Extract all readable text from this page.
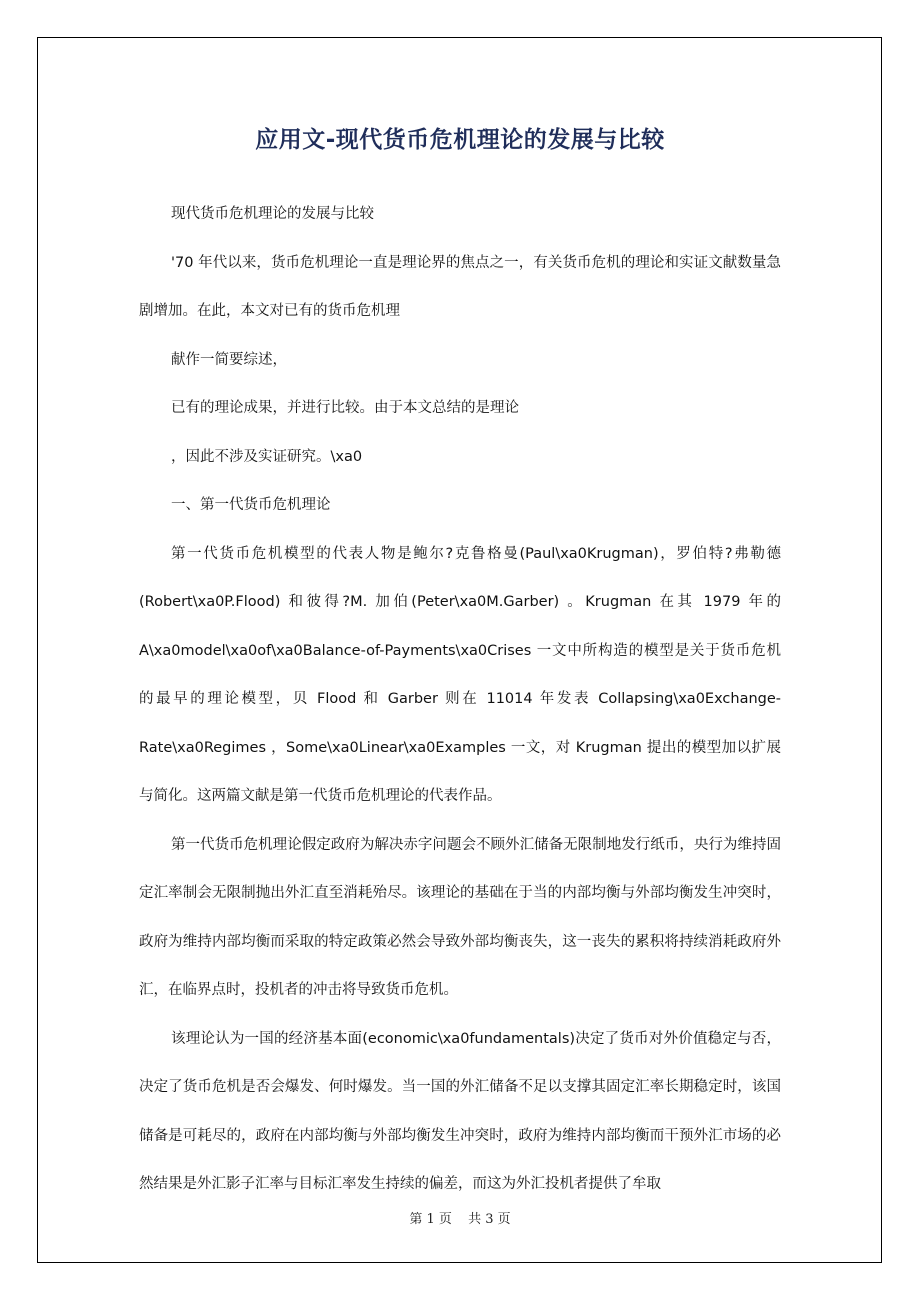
应用文-现代货币危机理论的发展与比较

现代货币危机理论的发展与比较

'70 年代以来，货币危机理论一直是理论界的焦点之一，有关货币危机的理论和实证文献数量急剧增加。在此，本文对已有的货币危机理

献作一简要综述，

已有的理论成果，并进行比较。由于本文总结的是理论

，因此不涉及实证研究。\xa0

一、第一代货币危机理论

第一代货币危机模型的代表人物是鲍尔?克鲁格曼(Paul\xa0Krugman)，罗伯特?弗勒德(Robert\xa0P.Flood) 和彼得?M. 加伯(Peter\xa0M.Garber) 。Krugman 在其 1979 年的 A\xa0model\xa0of\xa0Balance-of-Payments\xa0Crises 一文中所构造的模型是关于货币危机的最早的理论模型，贝 Flood 和 Garber 则在 11014 年发表 Collapsing\xa0Exchange-Rate\xa0Regimes ，Some\xa0Linear\xa0Examples 一文，对 Krugman 提出的模型加以扩展与简化。这两篇文献是第一代货币危机理论的代表作品。

第一代货币危机理论假定政府为解决赤字问题会不顾外汇储备无限制地发行纸币，央行为维持固定汇率制会无限制抛出外汇直至消耗殆尽。该理论的基础在于当的内部均衡与外部均衡发生冲突时，政府为维持内部均衡而采取的特定政策必然会导致外部均衡丧失，这一丧失的累积将持续消耗政府外汇，在临界点时，投机者的冲击将导致货币危机。

该理论认为一国的经济基本面(economic\xa0fundamentals)决定了货币对外价值稳定与否，决定了货币危机是否会爆发、何时爆发。当一国的外汇储备不足以支撑其固定汇率长期稳定时，该国储备是可耗尽的，政府在内部均衡与外部均衡发生冲突时，政府为维持内部均衡而干预外汇市场的必然结果是外汇影子汇率与目标汇率发生持续的偏差，而这为外汇投机者提供了牟取

第 1 页 共 3 页
